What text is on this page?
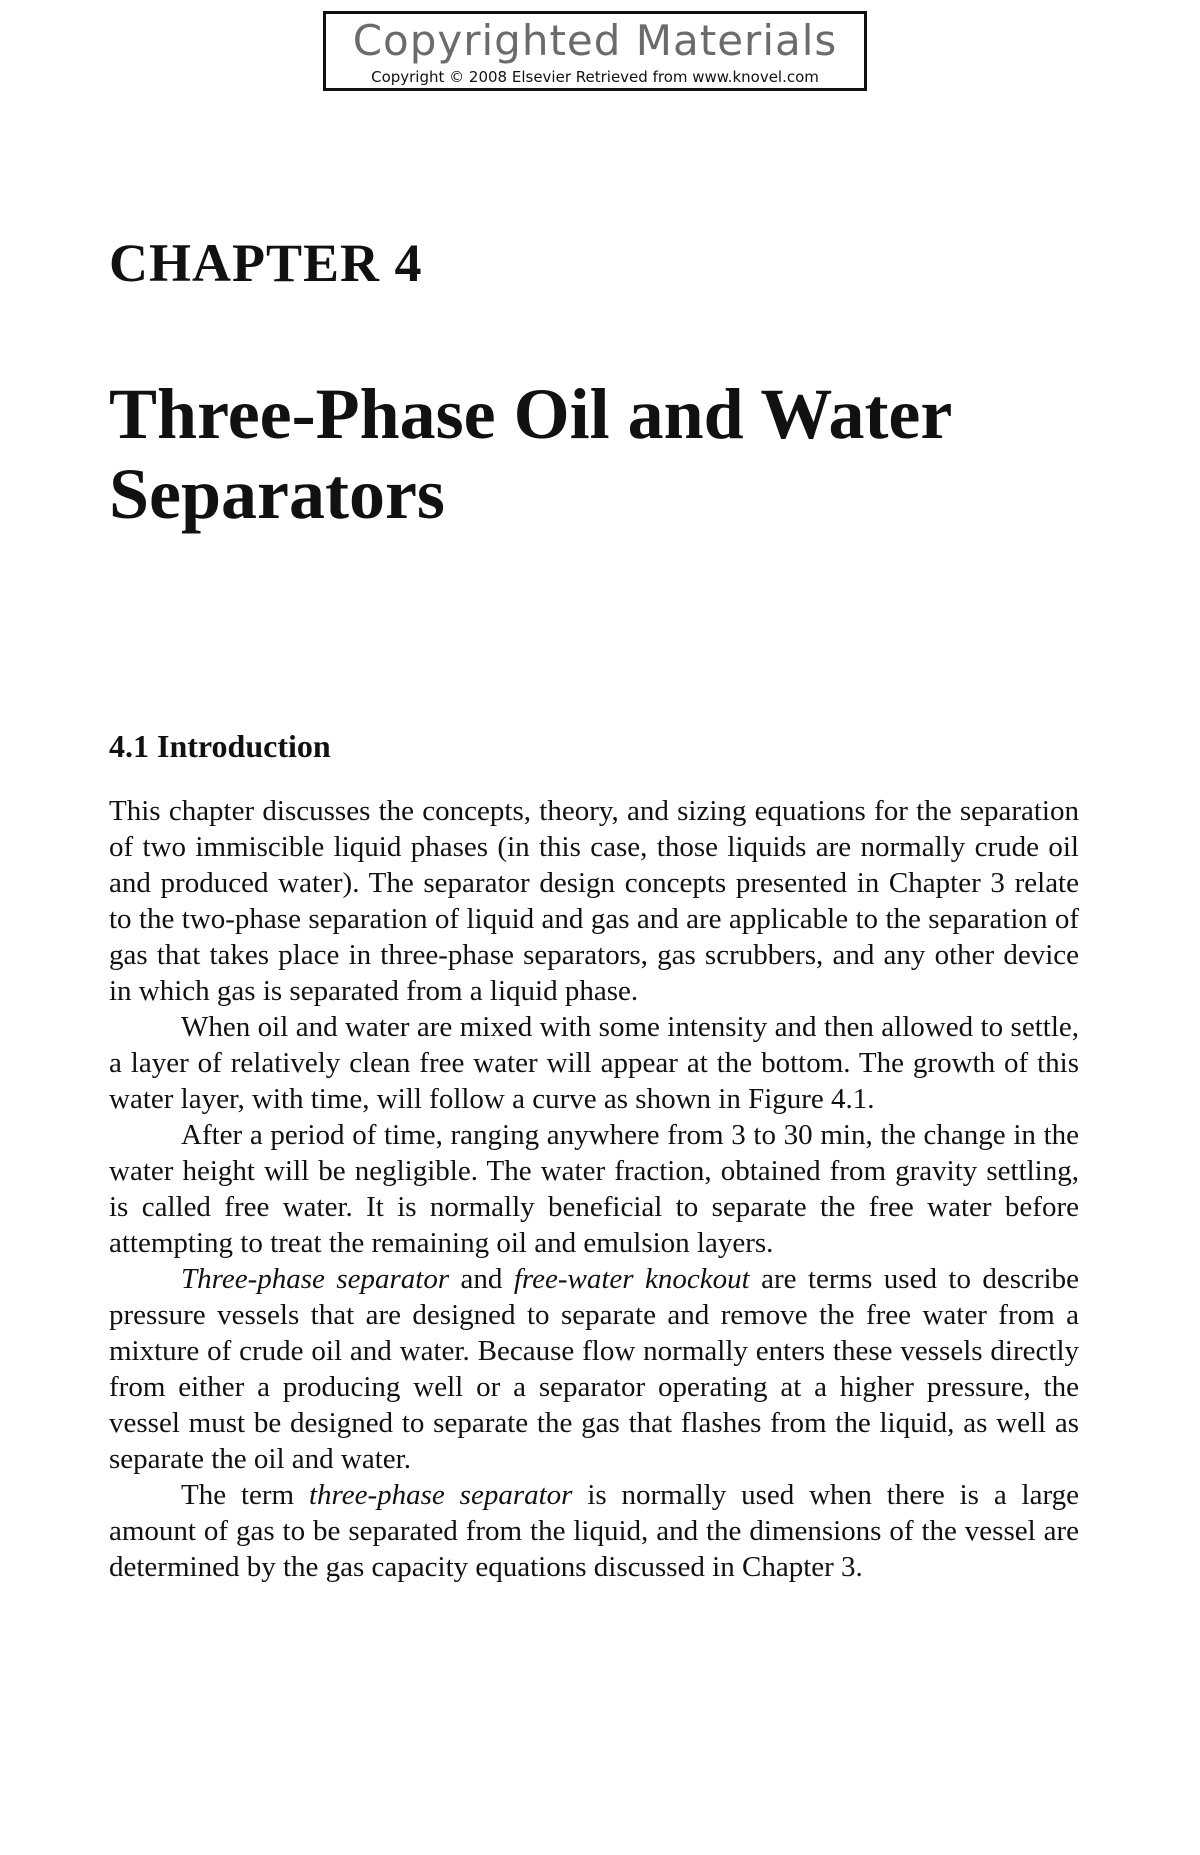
Copyrighted Materials
Copyright © 2008 Elsevier Retrieved from www.knovel.com
CHAPTER 4
Three-Phase Oil and Water Separators
4.1 Introduction

This chapter discusses the concepts, theory, and sizing equations for the separation of two immiscible liquid phases (in this case, those liquids are normally crude oil and produced water). The separator design concepts presented in Chapter 3 relate to the two-phase separation of liquid and gas and are applicable to the separation of gas that takes place in three-phase separators, gas scrubbers, and any other device in which gas is separated from a liquid phase.

When oil and water are mixed with some intensity and then allowed to settle, a layer of relatively clean free water will appear at the bottom. The growth of this water layer, with time, will follow a curve as shown in Figure 4.1.

After a period of time, ranging anywhere from 3 to 30 min, the change in the water height will be negligible. The water fraction, obtained from gravity settling, is called free water. It is normally beneficial to separate the free water before attempting to treat the remaining oil and emulsion layers.

Three-phase separator and free-water knockout are terms used to describe pressure vessels that are designed to separate and remove the free water from a mixture of crude oil and water. Because flow normally enters these vessels directly from either a producing well or a separator operating at a higher pressure, the vessel must be designed to separate the gas that flashes from the liquid, as well as separate the oil and water.

The term three-phase separator is normally used when there is a large amount of gas to be separated from the liquid, and the dimensions of the vessel are determined by the gas capacity equations discussed in Chapter 3.
